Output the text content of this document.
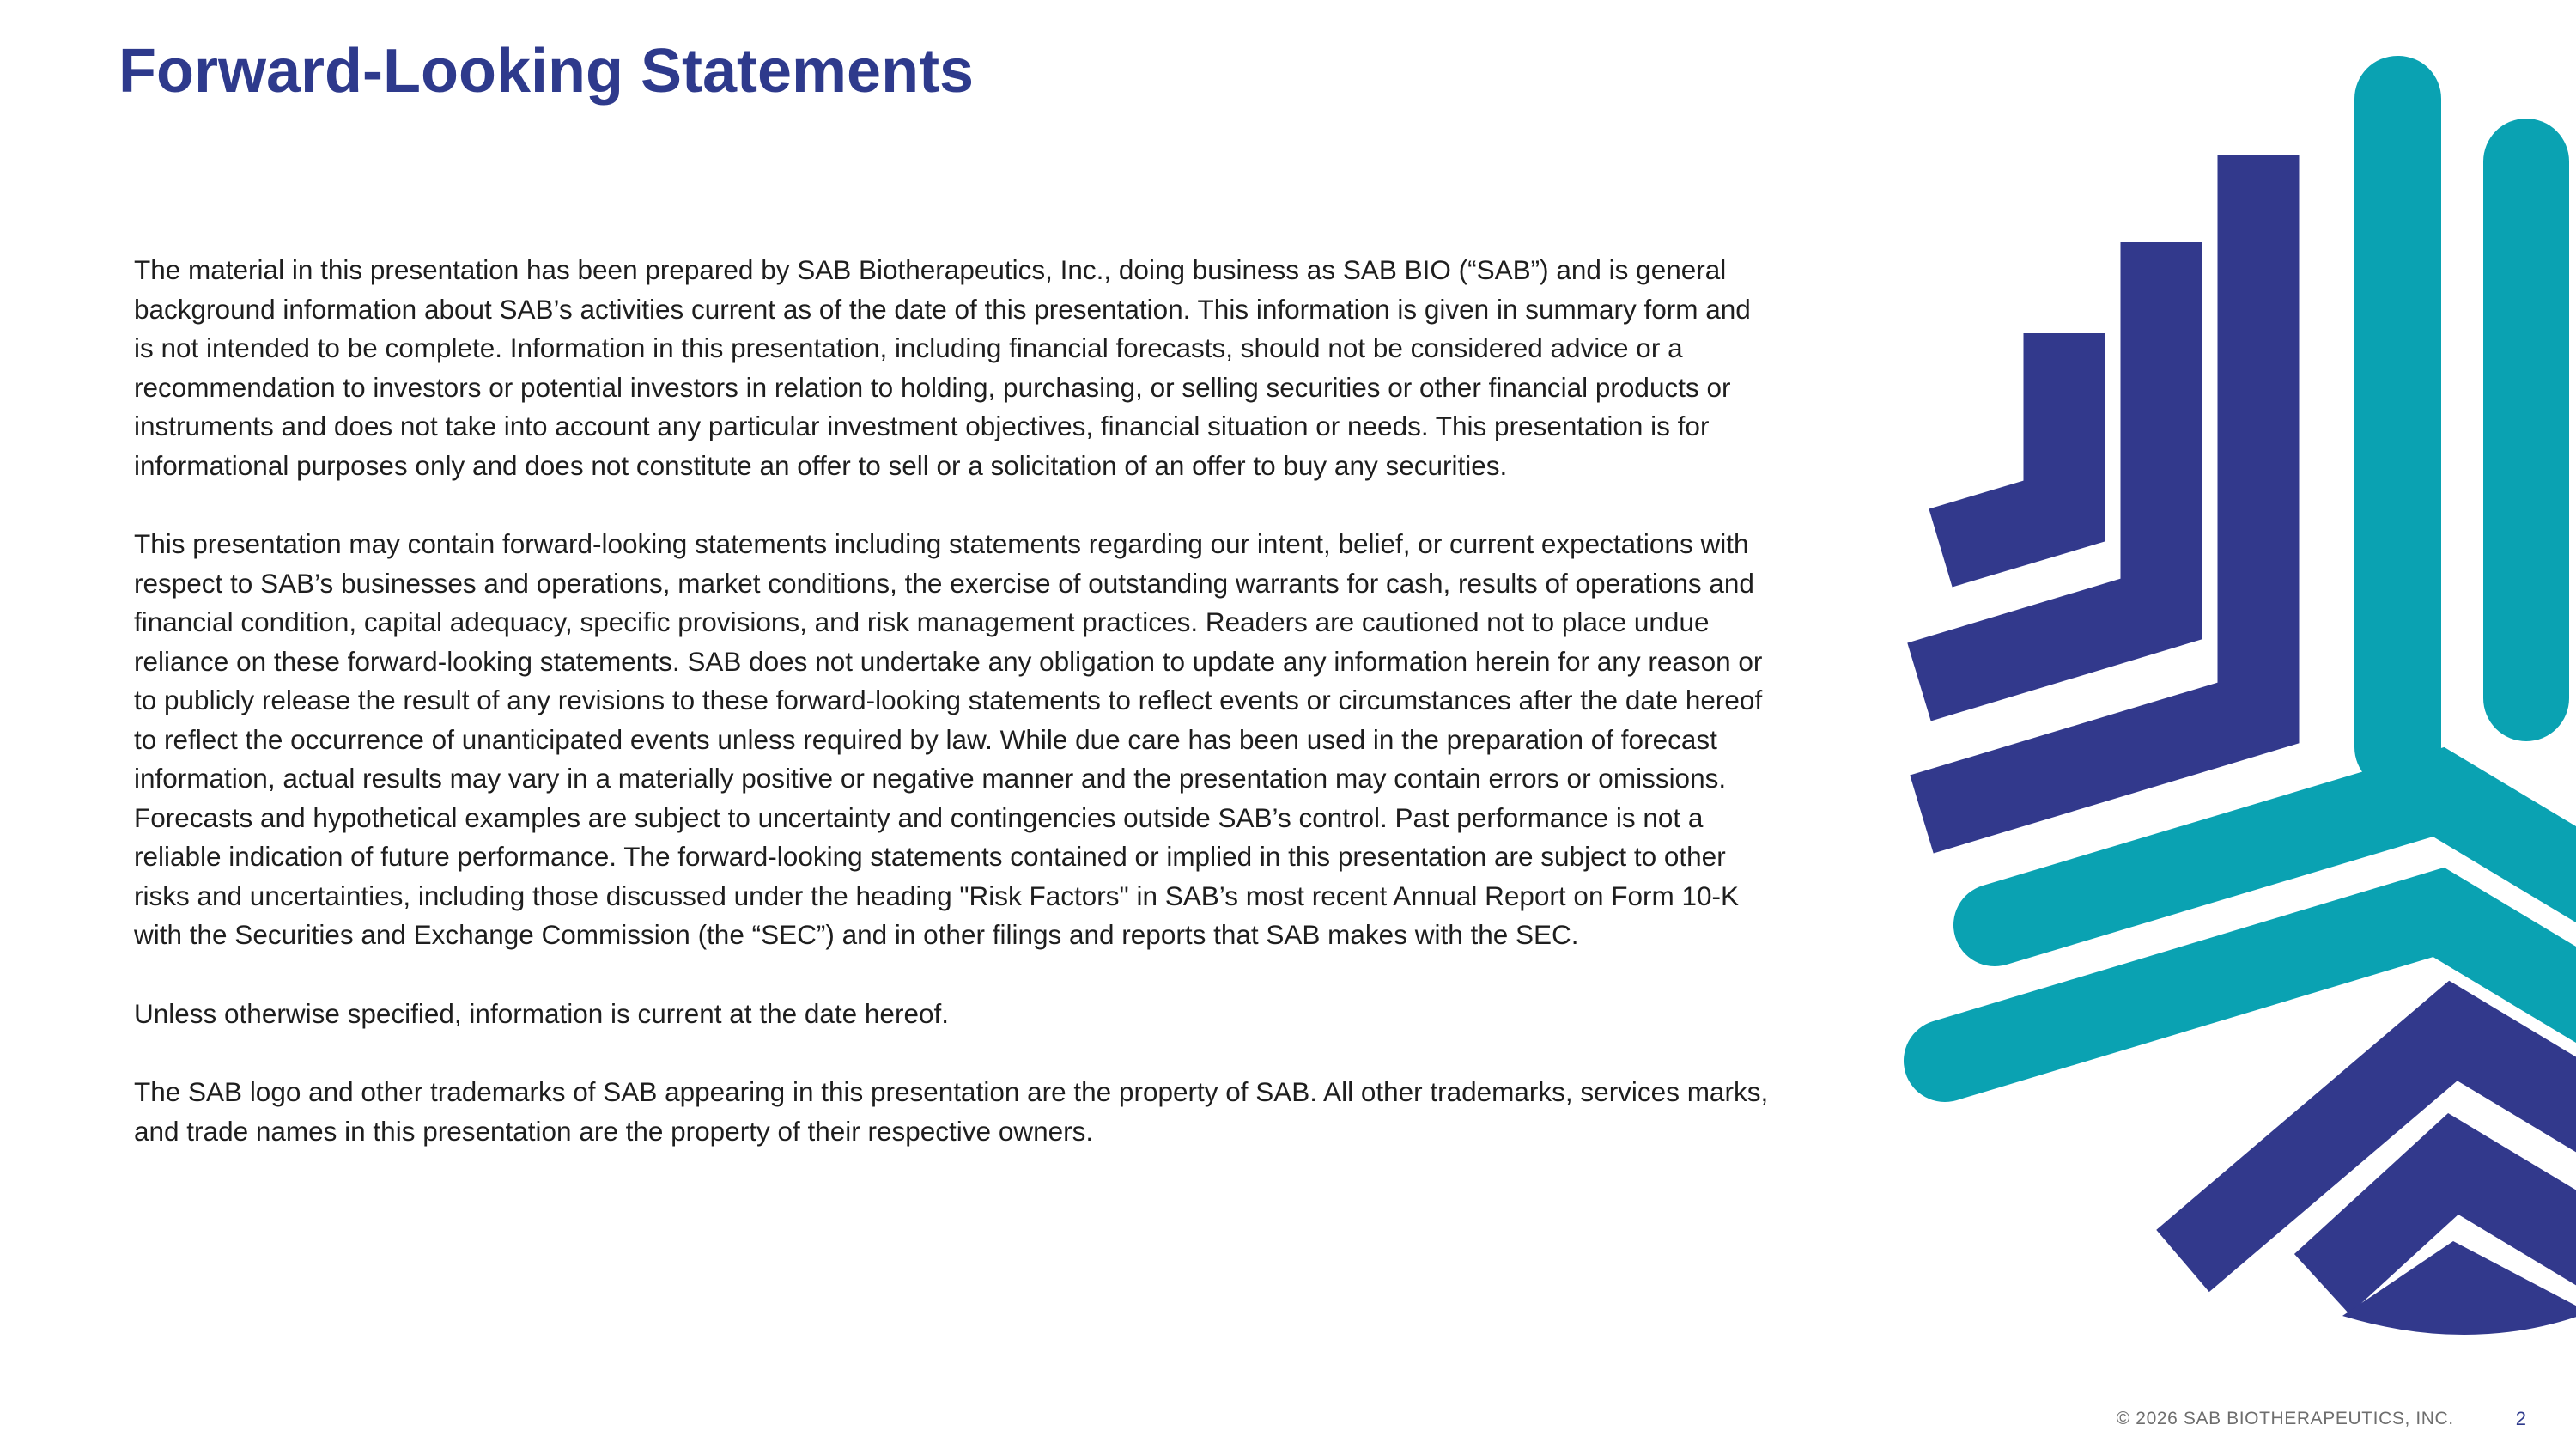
Forward-Looking Statements

The material in this presentation has been prepared by SAB Biotherapeutics, Inc., doing business as SAB BIO (“SAB”) and is general background information about SAB’s activities current as of the date of this presentation. This information is given in summary form and is not intended to be complete. Information in this presentation, including financial forecasts, should not be considered advice or a recommendation to investors or potential investors in relation to holding, purchasing, or selling securities or other financial products or instruments and does not take into account any particular investment objectives, financial situation or needs. This presentation is for informational purposes only and does not constitute an offer to sell or a solicitation of an offer to buy any securities.

This presentation may contain forward-looking statements including statements regarding our intent, belief, or current expectations with respect to SAB’s businesses and operations, market conditions, the exercise of outstanding warrants for cash, results of operations and financial condition, capital adequacy, specific provisions, and risk management practices. Readers are cautioned not to place undue reliance on these forward-looking statements. SAB does not undertake any obligation to update any information herein for any reason or to publicly release the result of any revisions to these forward-looking statements to reflect events or circumstances after the date hereof to reflect the occurrence of unanticipated events unless required by law. While due care has been used in the preparation of forecast information, actual results may vary in a materially positive or negative manner and the presentation may contain errors or omissions. Forecasts and hypothetical examples are subject to uncertainty and contingencies outside SAB’s control. Past performance is not a reliable indication of future performance. The forward-looking statements contained or implied in this presentation are subject to other risks and uncertainties, including those discussed under the heading "Risk Factors" in SAB’s most recent Annual Report on Form 10-K with the Securities and Exchange Commission (the “SEC”) and in other filings and reports that SAB makes with the SEC.

Unless otherwise specified, information is current at the date hereof.

The SAB logo and other trademarks of SAB appearing in this presentation are the property of SAB. All other trademarks, services marks, and trade names in this presentation are the property of their respective owners.

© 2026 SAB BIOTHERAPEUTICS, INC.	2
